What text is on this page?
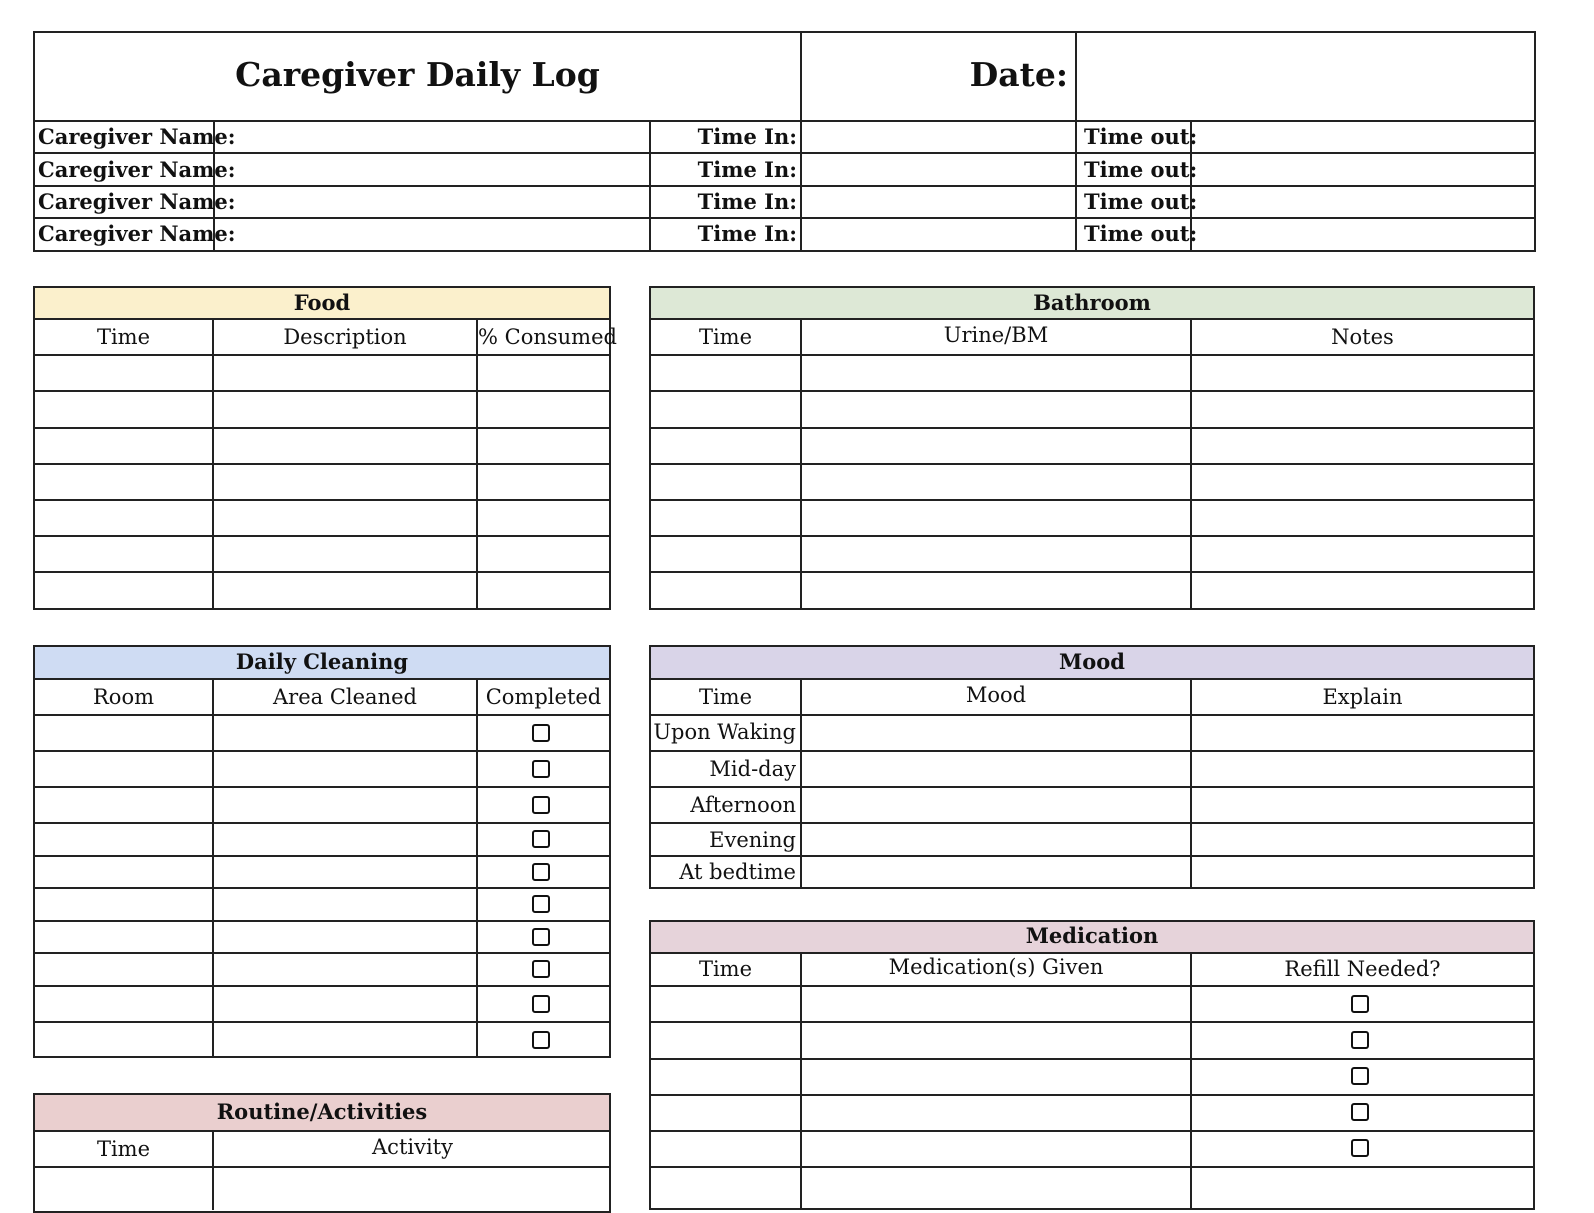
Caregiver Daily Log	Date:
Caregiver Name:	Time In:	Time out:
Caregiver Name:	Time In:	Time out:
Caregiver Name:	Time In:	Time out:
Caregiver Name:	Time In:	Time out:
Food
Time	Description	% Consumed
Bathroom
Time	Urine/BM	Notes
Daily Cleaning
Room	Area Cleaned	Completed
Mood
Time	Mood	Explain
Upon Waking
Mid-day
Afternoon
Evening
At bedtime
Medication
Time	Medication(s) Given	Refill Needed?
Routine/Activities
Time	Activity
